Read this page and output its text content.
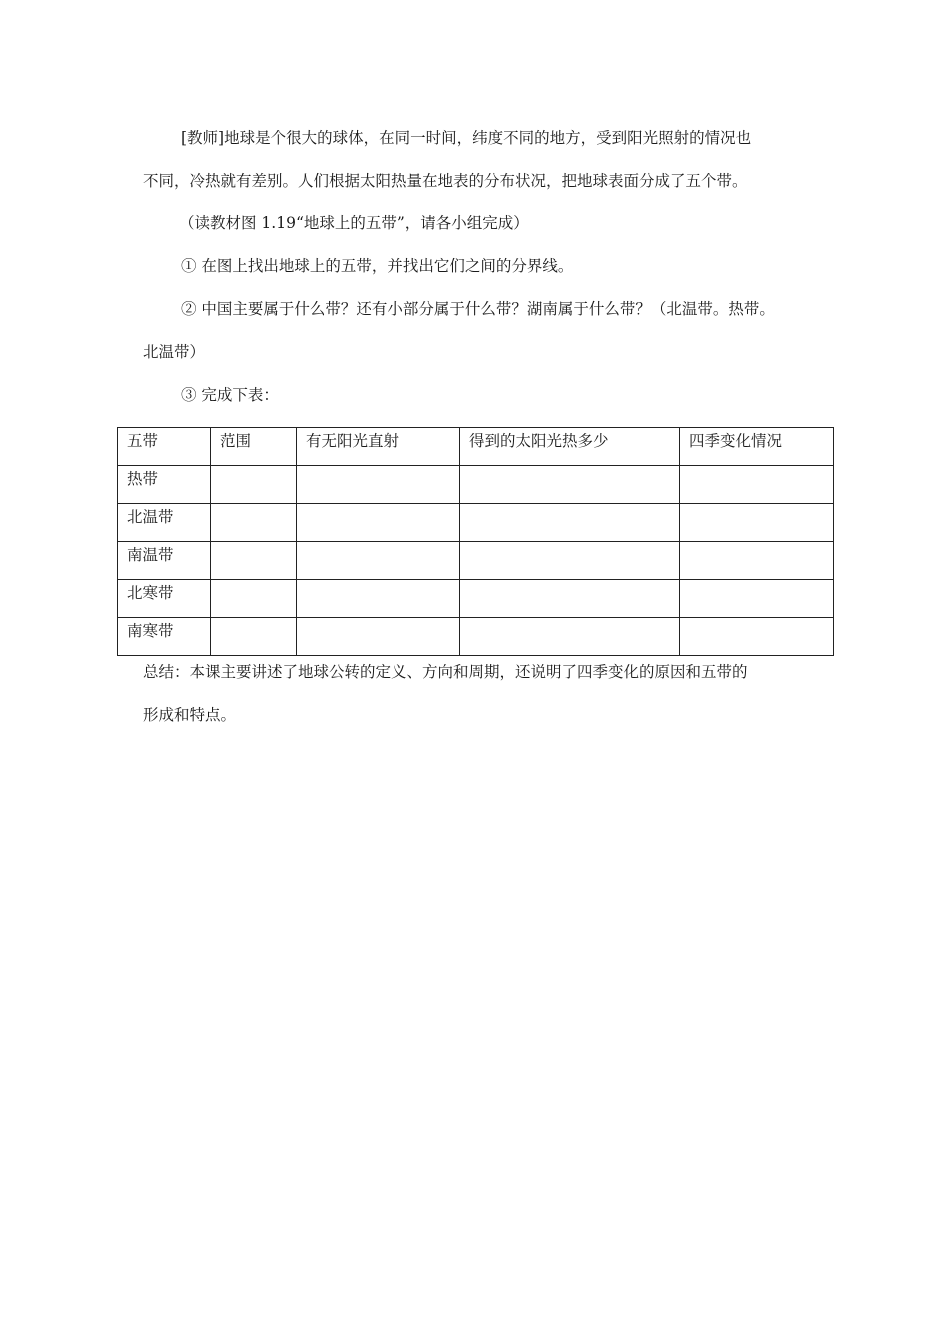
[教师]地球是个很大的球体，在同一时间，纬度不同的地方，受到阳光照射的情况也
不同，冷热就有差别。人们根据太阳热量在地表的分布状况，把地球表面分成了五个带。
（读教材图 1.19“地球上的五带”，请各小组完成）
① 在图上找出地球上的五带，并找出它们之间的分界线。
② 中国主要属于什么带？还有小部分属于什么带？湖南属于什么带？（北温带。热带。
北温带）
③ 完成下表：
五带	范围	有无阳光直射	得到的太阳光热多少	四季变化情况
热带				
北温带				
南温带				
北寒带				
南寒带				
总结：本课主要讲述了地球公转的定义、方向和周期，还说明了四季变化的原因和五带的
形成和特点。
